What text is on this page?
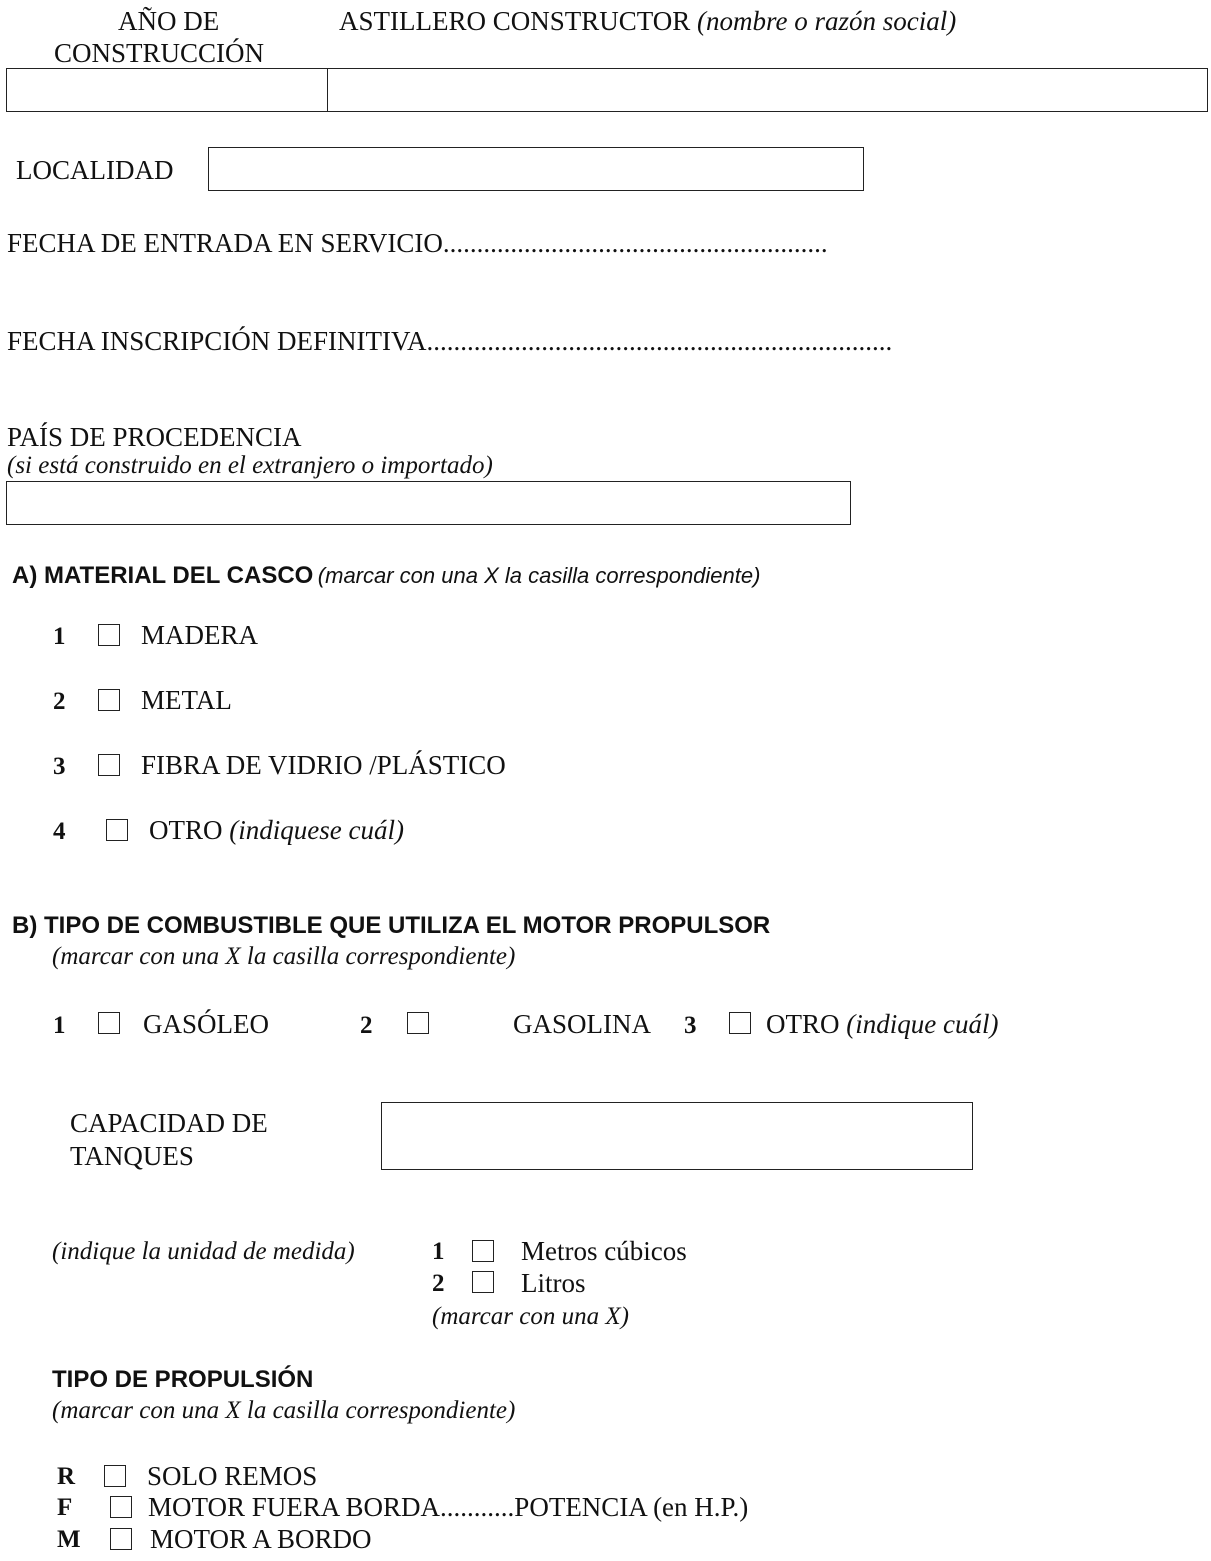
AÑO DE
CONSTRUCCIÓN
ASTILLERO CONSTRUCTOR (nombre o razón social)
LOCALIDAD
FECHA DE ENTRADA EN SERVICIO.........................................................
FECHA INSCRIPCIÓN DEFINITIVA.....................................................................
PAÍS DE PROCEDENCIA
(si está construido en el extranjero o importado)
A) MATERIAL DEL CASCO (marcar con una X la casilla correspondiente)
1	MADERA
2	METAL
3	FIBRA DE VIDRIO /PLÁSTICO
4	OTRO (indiquese cuál)
B) TIPO DE COMBUSTIBLE QUE UTILIZA EL MOTOR PROPULSOR
(marcar con una X la casilla correspondiente)
1	GASÓLEO	2	GASOLINA 3	OTRO (indique cuál)
CAPACIDAD DE
TANQUES
(indique la unidad de medida)	1	Metros cúbicos
2	Litros
(marcar con una X)
TIPO DE PROPULSIÓN
(marcar con una X la casilla correspondiente)
R	SOLO REMOS
F	MOTOR FUERA BORDA...........POTENCIA (en H.P.)
M	MOTOR A BORDO
